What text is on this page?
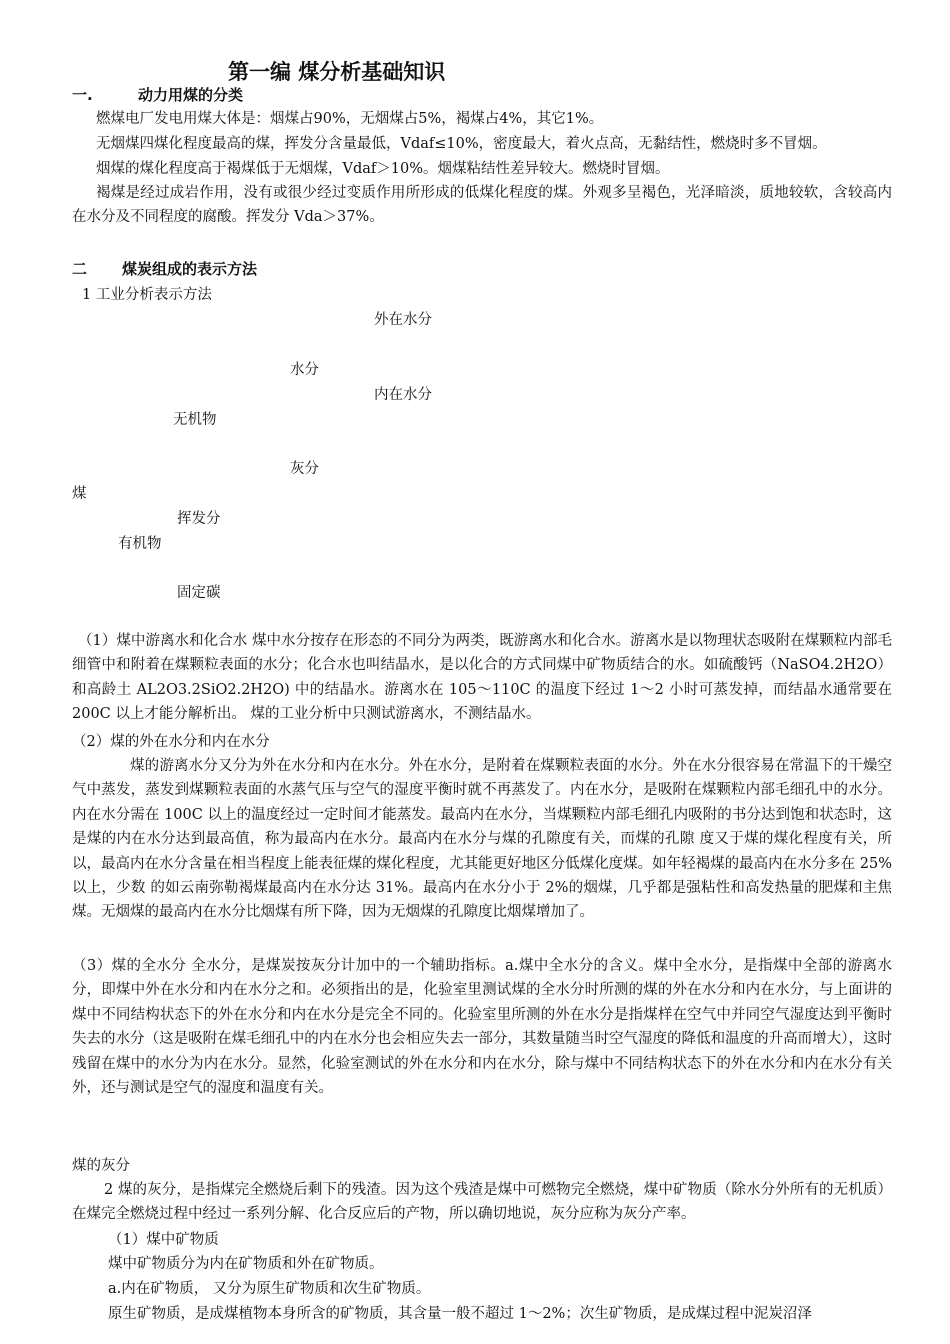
第一编 煤分析基础知识
一.	动力用煤的分类
燃煤电厂发电用煤大体是：烟煤占90%，无烟煤占5%，褐煤占4%，其它1%。
无烟煤四煤化程度最高的煤，挥发分含量最低，Vdaf≤10%，密度最大，着火点高，无黏结性，燃烧时多不冒烟。
烟煤的煤化程度高于褐煤低于无烟煤，Vdaf＞10%。烟煤粘结性差异较大。燃烧时冒烟。
褐煤是经过成岩作用，没有或很少经过变质作用所形成的低煤化程度的煤。外观多呈褐色，光泽暗淡，质地较软，含较高内在水分及不同程度的腐酸。挥发分 Vda＞37%。
二 煤炭组成的表示方法
1 工业分析表示方法
外在水分
水分
内在水分
无机物
灰分
煤
挥发分
有机物
固定碳
（1）煤中游离水和化合水 煤中水分按存在形态的不同分为两类，既游离水和化合水。游离水是以物理状态吸附在煤颗粒内部毛细管中和附着在煤颗粒表面的水分；化合水也叫结晶水，是以化合的方式同煤中矿物质结合的水。如硫酸钙（NaSO4.2H2O）和高龄土 AL2O3.2SiO2.2H2O) 中的结晶水。游离水在 105～110C 的温度下经过 1～2 小时可蒸发掉，而结晶水通常要在 200C 以上才能分解析出。 煤的工业分析中只测试游离水，不测结晶水。
（2）煤的外在水分和内在水分
煤的游离水分又分为外在水分和内在水分。外在水分，是附着在煤颗粒表面的水分。外在水分很容易在常温下的干燥空气中蒸发，蒸发到煤颗粒表面的水蒸气压与空气的湿度平衡时就不再蒸发了。内在水分，是吸附在煤颗粒内部毛细孔中的水分。内在水分需在 100C 以上的温度经过一定时间才能蒸发。最高内在水分，当煤颗粒内部毛细孔内吸附的书分达到饱和状态时，这是煤的内在水分达到最高值，称为最高内在水分。最高内在水分与煤的孔隙度有关，而煤的孔隙 度又于煤的煤化程度有关，所以，最高内在水分含量在相当程度上能表征煤的煤化程度，尤其能更好地区分低煤化度煤。如年轻褐煤的最高内在水分多在 25%以上，少数 的如云南弥勒褐煤最高内在水分达 31%。最高内在水分小于 2%的烟煤，几乎都是强粘性和高发热量的肥煤和主焦煤。无烟煤的最高内在水分比烟煤有所下降，因为无烟煤的孔隙度比烟煤增加了。
（3）煤的全水分 全水分，是煤炭按灰分计加中的一个辅助指标。a.煤中全水分的含义。煤中全水分，是指煤中全部的游离水分，即煤中外在水分和内在水分之和。必须指出的是，化验室里测试煤的全水分时所测的煤的外在水分和内在水分，与上面讲的煤中不同结构状态下的外在水分和内在水分是完全不同的。化验室里所测的外在水分是指煤样在空气中并同空气湿度达到平衡时失去的水分（这是吸附在煤毛细孔中的内在水分也会相应失去一部分，其数量随当时空气湿度的降低和温度的升高而增大），这时残留在煤中的水分为内在水分。显然，化验室测试的外在水分和内在水分，除与煤中不同结构状态下的外在水分和内在水分有关外，还与测试是空气的湿度和温度有关。
煤的灰分
2 煤的灰分，是指煤完全燃烧后剩下的残渣。因为这个残渣是煤中可燃物完全燃烧，煤中矿物质（除水分外所有的无机质）在煤完全燃烧过程中经过一系列分解、化合反应后的产物，所以确切地说，灰分应称为灰分产率。
（1）煤中矿物质
煤中矿物质分为内在矿物质和外在矿物质。
a.内在矿物质， 又分为原生矿物质和次生矿物质。
原生矿物质，是成煤植物本身所含的矿物质，其含量一般不超过 1～2%；次生矿物质，是成煤过程中泥炭沼泽
